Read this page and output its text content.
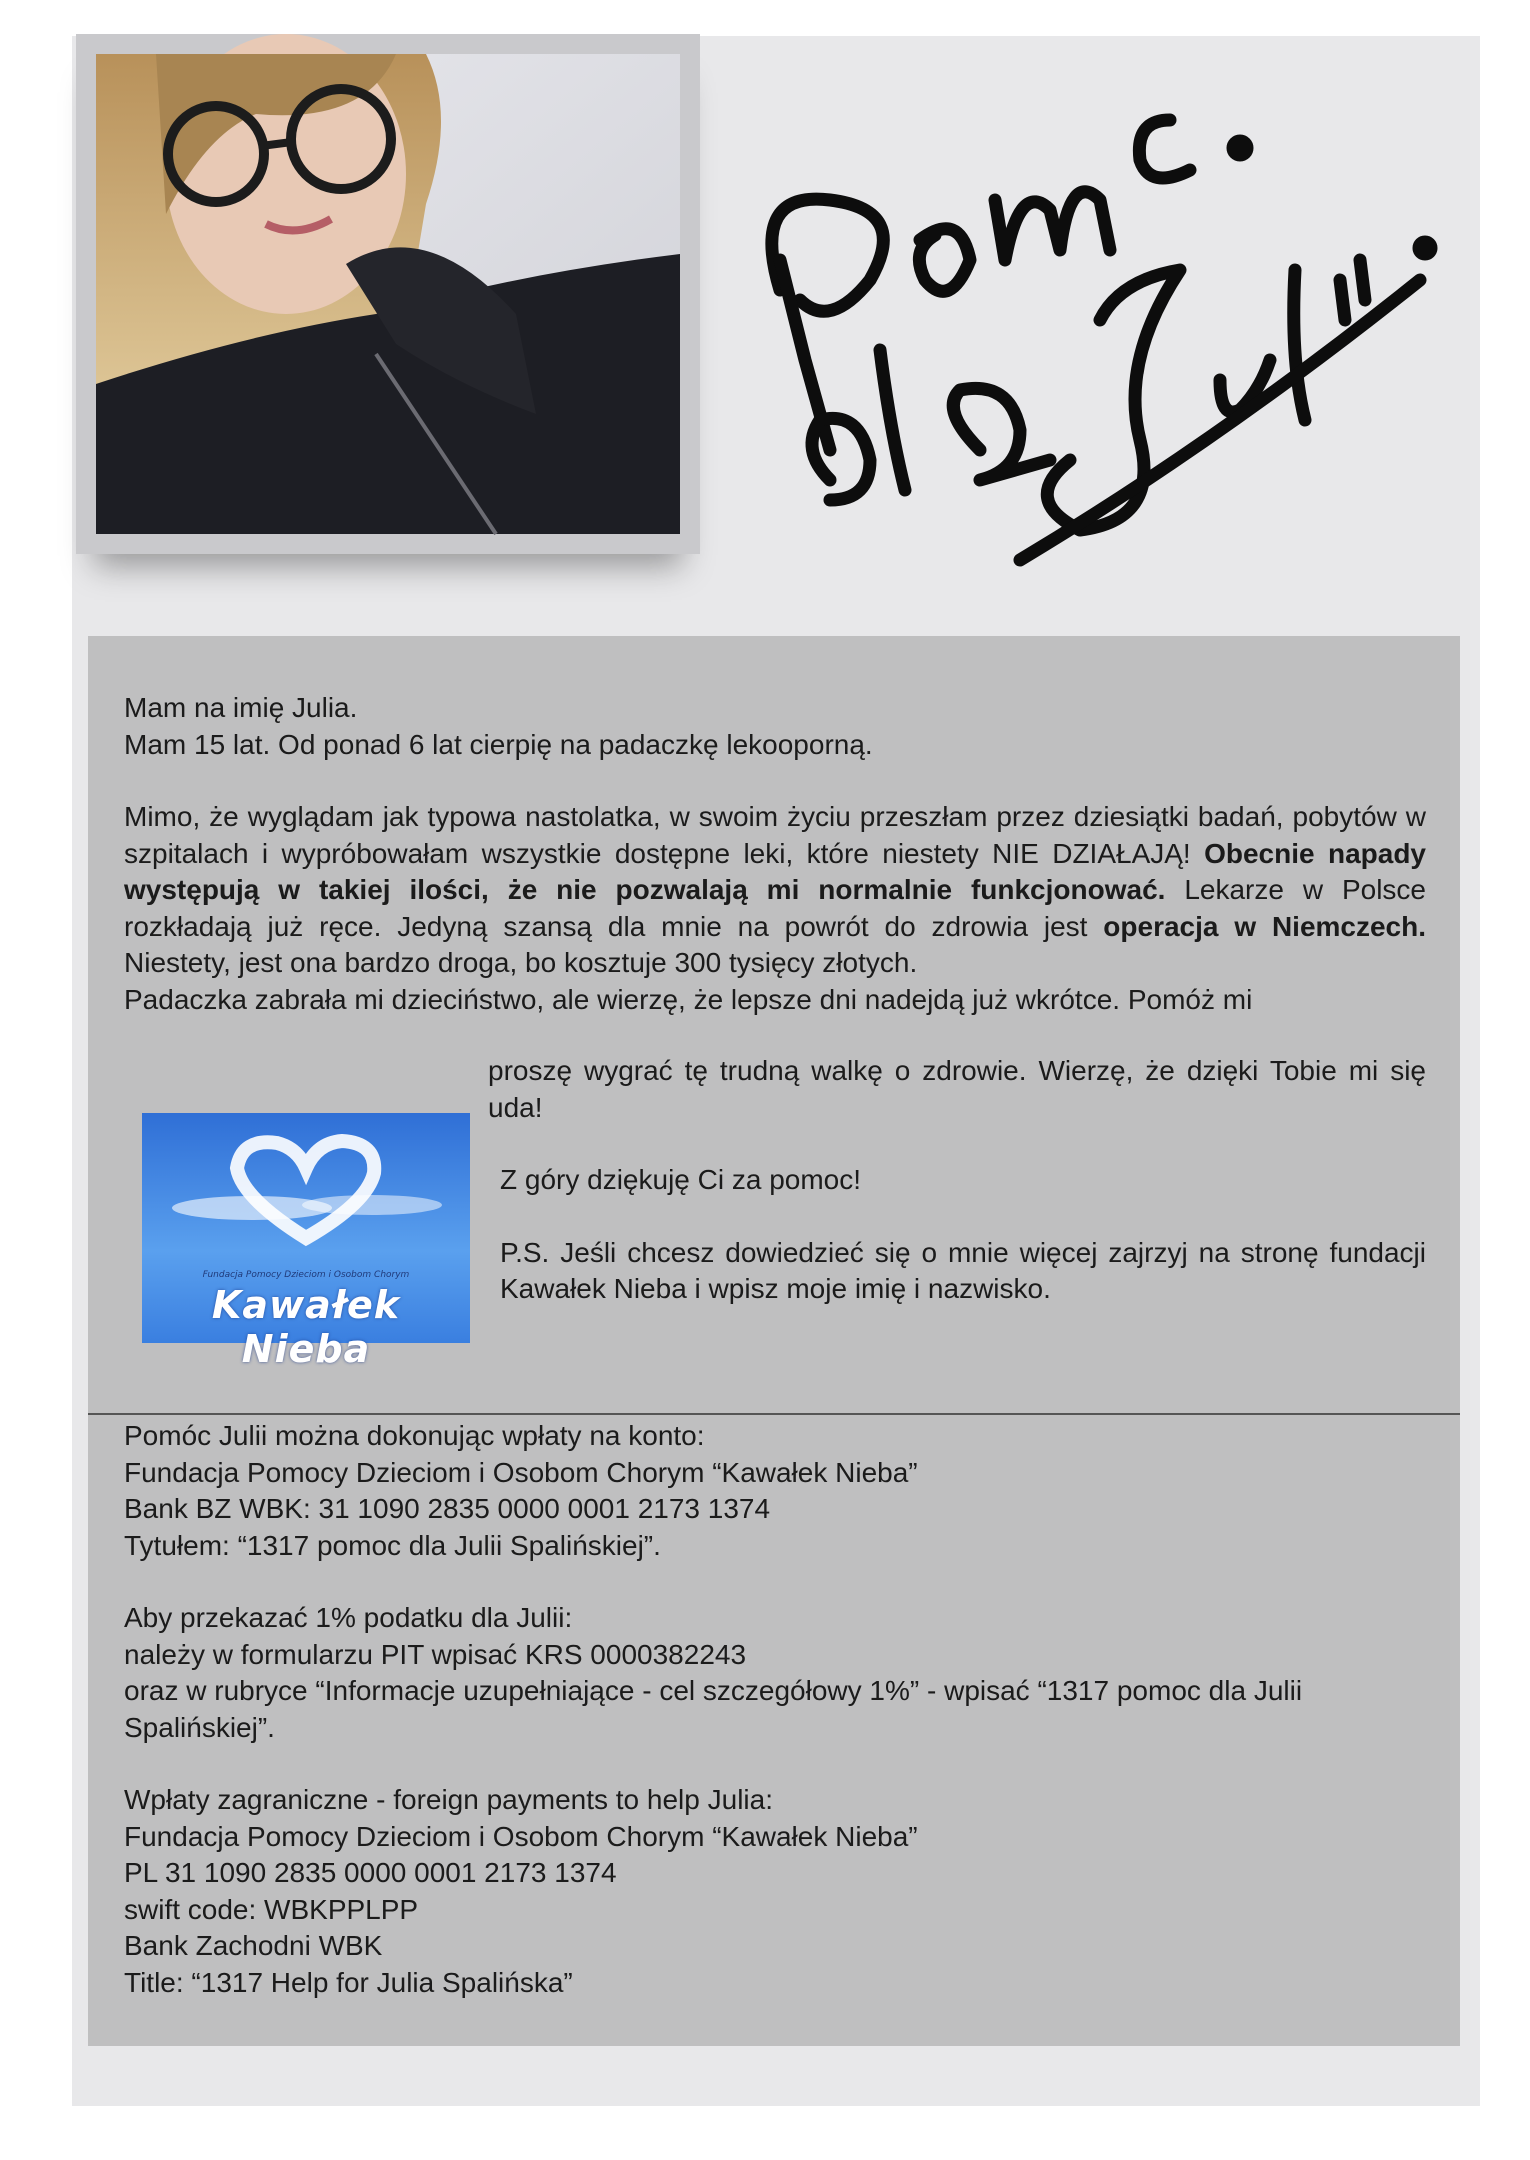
Mam na imię Julia.

Mam 15 lat. Od ponad 6 lat cierpię na padaczkę lekooporną.

Mimo, że wyglądam jak typowa nastolatka, w swoim życiu przeszłam przez dziesiątki badań, pobytów w szpitalach i wypróbowałam wszystkie dostępne leki, które niestety NIE DZIAŁAJĄ! Obecnie napady występują w takiej ilości, że nie pozwalają mi normalnie funkcjonować. Lekarze w Polsce rozkładają już ręce. Jedyną szansą dla mnie na powrót do zdrowia jest operacja w Niemczech. Niestety, jest ona bardzo droga, bo kosztuje 300 tysięcy złotych.

Padaczka zabrała mi dzieciństwo, ale wierzę, że lepsze dni nadejdą już wkrótce. Pomóż mi

proszę wygrać tę trudną walkę o zdrowie. Wierzę, że dzięki Tobie mi się uda!
Fundacja Pomocy Dzieciom i Osobom Chorym
Kawałek Nieba

Z góry dziękuję Ci za pomoc!

P.S. Jeśli chcesz dowiedzieć się o mnie więcej zajrzyj na stronę fundacji Kawałek Nieba i wpisz moje imię i nazwisko.

Pomóc Julii można dokonując wpłaty na konto:

Fundacja Pomocy Dzieciom i Osobom Chorym “Kawałek Nieba”

Bank BZ WBK: 31 1090 2835 0000 0001 2173 1374

Tytułem: “1317 pomoc dla Julii Spalińskiej”.

Aby przekazać 1% podatku dla Julii:

należy w formularzu PIT wpisać KRS 0000382243

oraz w rubryce “Informacje uzupełniające - cel szczegółowy 1%” - wpisać “1317 pomoc dla Julii Spalińskiej”.

Wpłaty zagraniczne - foreign payments to help Julia:

Fundacja Pomocy Dzieciom i Osobom Chorym “Kawałek Nieba”

PL 31 1090 2835 0000 0001 2173 1374

swift code: WBKPPLPP

Bank Zachodni WBK

Title: “1317 Help for Julia Spalińska”
